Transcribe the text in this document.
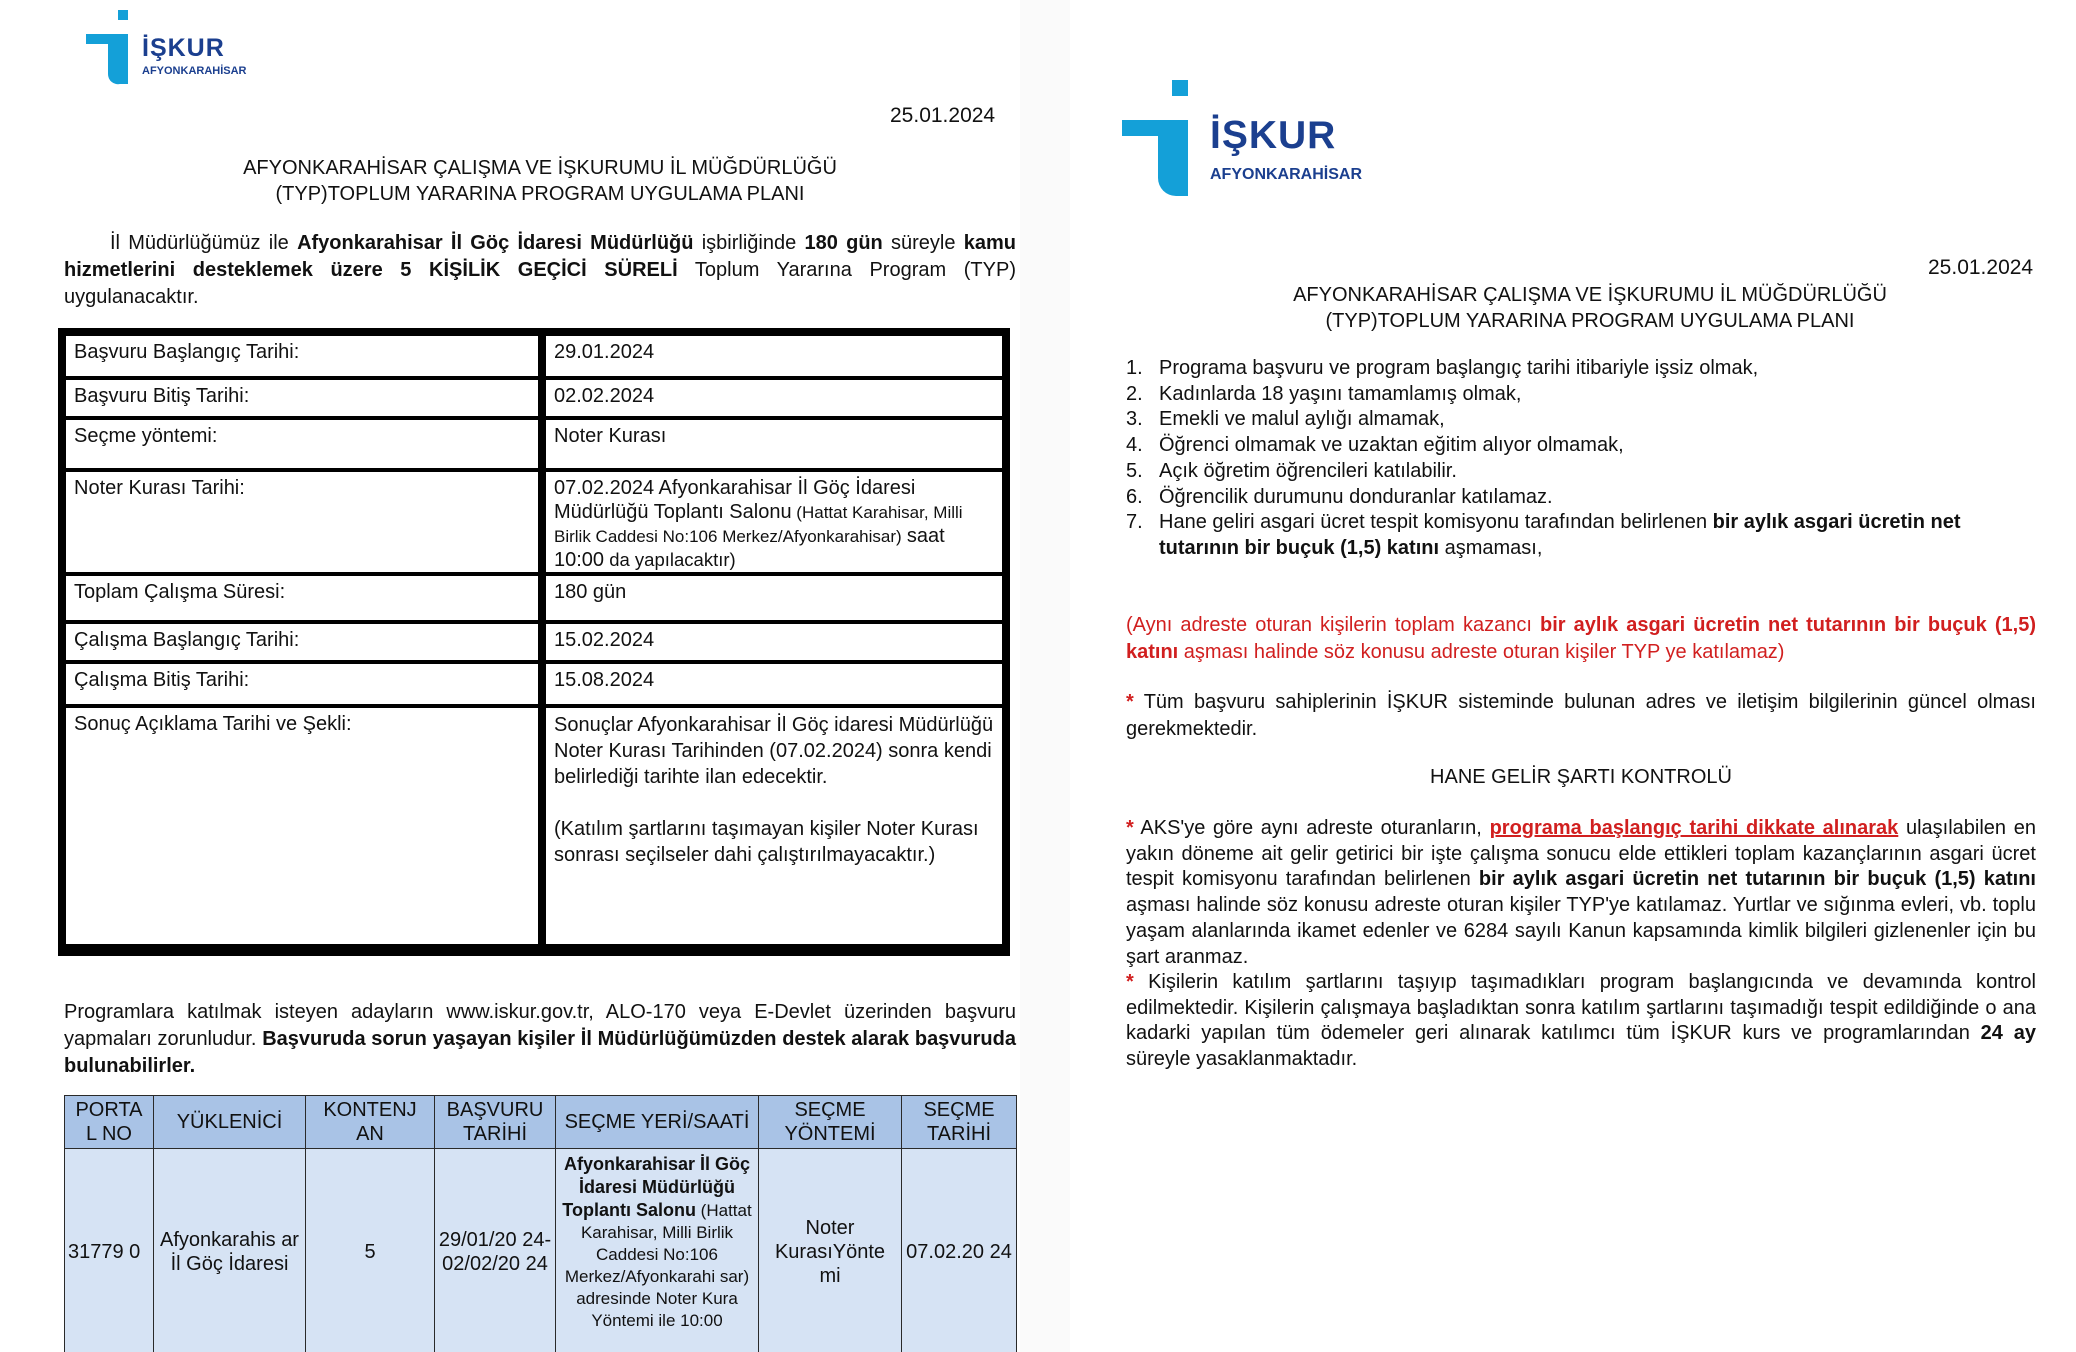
İŞKUR
AFYONKARAHİSAR
25.01.2024
AFYONKARAHİSAR ÇALIŞMA VE İŞKURUMU İL MÜĞDÜRLÜĞÜ
(TYP)TOPLUM YARARINA PROGRAM UYGULAMA PLANI
İl Müdürlüğümüz ile Afyonkarahisar İl Göç İdaresi Müdürlüğü işbirliğinde 180 gün süreyle kamu hizmetlerini desteklemek üzere 5 KİŞİLİK GEÇİCİ SÜRELİ Toplum Yararına Program (TYP) uygulanacaktır.
Başvuru Başlangıç Tarihi:	29.01.2024
Başvuru Bitiş Tarihi:	02.02.2024
Seçme yöntemi:	Noter Kurası
Noter Kurası Tarihi:	07.02.2024 Afyonkarahisar İl Göç İdaresi Müdürlüğü Toplantı Salonu (Hattat Karahisar, Milli Birlik Caddesi No:106 Merkez/Afyonkarahisar) saat 10:00 da yapılacaktır)
Toplam Çalışma Süresi:	180 gün
Çalışma Başlangıç Tarihi:	15.02.2024
Çalışma Bitiş Tarihi:	15.08.2024
Sonuç Açıklama Tarihi ve Şekli:	Sonuçlar Afyonkarahisar İl Göç idaresi Müdürlüğü Noter Kurası Tarihinden (07.02.2024) sonra kendi belirlediği tarihte ilan edecektir.
(Katılım şartlarını taşımayan kişiler Noter Kurası sonrası seçilseler dahi çalıştırılmayacaktır.)
Programlara katılmak isteyen adayların www.iskur.gov.tr, ALO-170 veya E-Devlet üzerinden başvuru yapmaları zorunludur. Başvuruda sorun yaşayan kişiler İl Müdürlüğümüzden destek alarak başvuruda bulunabilirler.
PORTA L NO	YÜKLENİCİ	KONTENJ AN	BAŞVURU TARİHİ	SEÇME YERİ/SAATİ	SEÇME YÖNTEMİ	SEÇME TARİHİ
31779 0	Afyonkarahis ar İl Göç İdaresi	5	29/01/20 24- 02/02/20 24	Afyonkarahisar İl Göç İdaresi Müdürlüğü Toplantı Salonu (Hattat Karahisar, Milli Birlik Caddesi No:106 Merkez/Afyonkarahi sar) adresinde Noter Kura Yöntemi ile 10:00	Noter KurasıYönte mi	07.02.20 24
İŞKUR
AFYONKARAHİSAR
25.01.2024
AFYONKARAHİSAR ÇALIŞMA VE İŞKURUMU İL MÜĞDÜRLÜĞÜ
(TYP)TOPLUM YARARINA PROGRAM UYGULAMA PLANI
1. Programa başvuru ve program başlangıç tarihi itibariyle işsiz olmak,
2. Kadınlarda 18 yaşını tamamlamış olmak,
3. Emekli ve malul aylığı almamak,
4. Öğrenci olmamak ve uzaktan eğitim alıyor olmamak,
5. Açık öğretim öğrencileri katılabilir.
6. Öğrencilik durumunu donduranlar katılamaz.
7. Hane geliri asgari ücret tespit komisyonu tarafından belirlenen bir aylık asgari ücretin net tutarının bir buçuk (1,5) katını aşmaması,
(Aynı adreste oturan kişilerin toplam kazancı bir aylık asgari ücretin net tutarının bir buçuk (1,5) katını aşması halinde söz konusu adreste oturan kişiler TYP ye katılamaz)
* Tüm başvuru sahiplerinin İŞKUR sisteminde bulunan adres ve iletişim bilgilerinin güncel olması gerekmektedir.
HANE GELİR ŞARTI KONTROLÜ
* AKS'ye göre aynı adreste oturanların, programa başlangıç tarihi dikkate alınarak ulaşılabilen en yakın döneme ait gelir getirici bir işte çalışma sonucu elde ettikleri toplam kazançlarının asgari ücret tespit komisyonu tarafından belirlenen bir aylık asgari ücretin net tutarının bir buçuk (1,5) katını aşması halinde söz konusu adreste oturan kişiler TYP'ye katılamaz. Yurtlar ve sığınma evleri, vb. toplu yaşam alanlarında ikamet edenler ve 6284 sayılı Kanun kapsamında kimlik bilgileri gizlenenler için bu şart aranmaz.
* Kişilerin katılım şartlarını taşıyıp taşımadıkları program başlangıcında ve devamında kontrol edilmektedir. Kişilerin çalışmaya başladıktan sonra katılım şartlarını taşımadığı tespit edildiğinde o ana kadarki yapılan tüm ödemeler geri alınarak katılımcı tüm İŞKUR kurs ve programlarından 24 ay süreyle yasaklanmaktadır.
